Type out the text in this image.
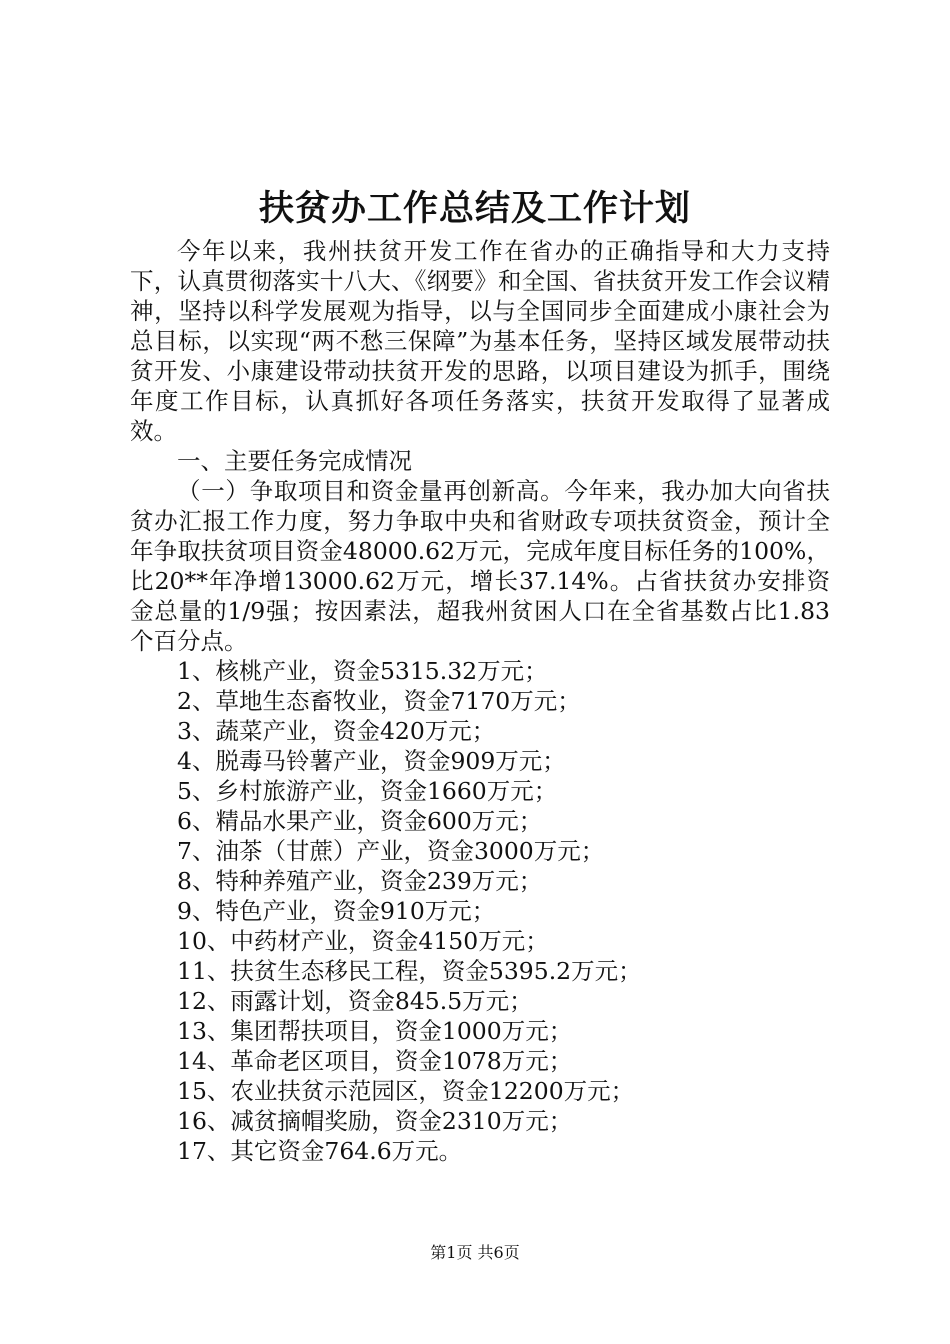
扶贫办工作总结及工作计划

今年以来，我州扶贫开发工作在省办的正确指导和大力支持下，认真贯彻落实十八大、《纲要》和全国、省扶贫开发工作会议精神，坚持以科学发展观为指导，以与全国同步全面建成小康社会为总目标，以实现“两不愁三保障”为基本任务，坚持区域发展带动扶贫开发、小康建设带动扶贫开发的思路，以项目建设为抓手，围绕年度工作目标，认真抓好各项任务落实，扶贫开发取得了显著成效。

一、主要任务完成情况

（一）争取项目和资金量再创新高。今年来，我办加大向省扶贫办汇报工作力度，努力争取中央和省财政专项扶贫资金，预计全年争取扶贫项目资金48000.62万元，完成年度目标任务的100%，比20**年净增13000.62万元，增长37.14%。占省扶贫办安排资金总量的1/9强；按因素法，超我州贫困人口在全省基数占比1.83个百分点。

1、核桃产业，资金5315.32万元；
2、草地生态畜牧业，资金7170万元；
3、蔬菜产业，资金420万元；
4、脱毒马铃薯产业，资金909万元；
5、乡村旅游产业，资金1660万元；
6、精品水果产业，资金600万元；
7、油茶（甘蔗）产业，资金3000万元；
8、特种养殖产业，资金239万元；
9、特色产业，资金910万元；
10、中药材产业，资金4150万元；
11、扶贫生态移民工程，资金5395.2万元；
12、雨露计划，资金845.5万元；
13、集团帮扶项目，资金1000万元；
14、革命老区项目，资金1078万元；
15、农业扶贫示范园区，资金12200万元；
16、减贫摘帽奖励，资金2310万元；
17、其它资金764.6万元。
第1页 共6页
